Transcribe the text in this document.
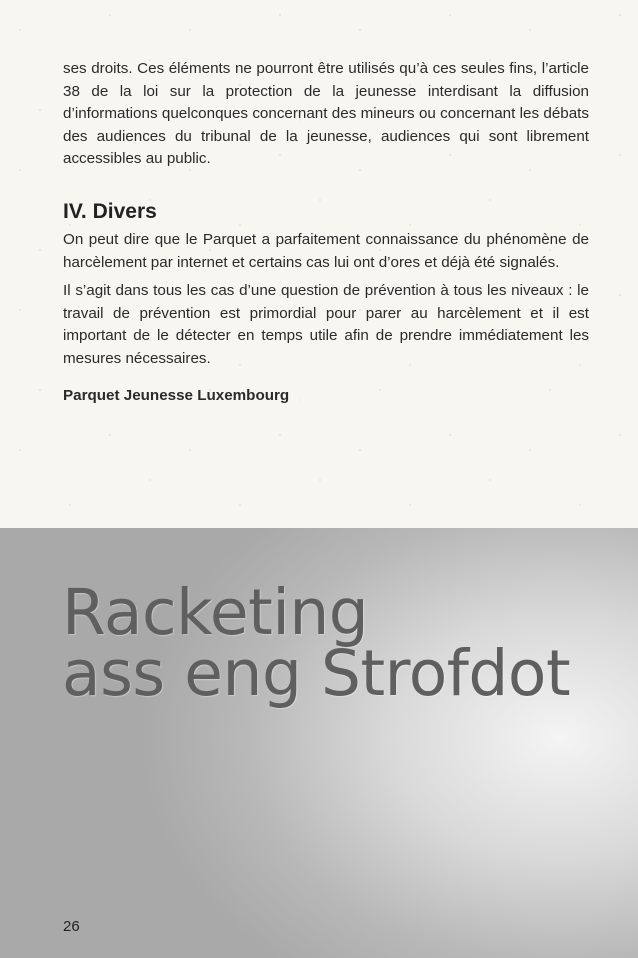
ses droits. Ces éléments ne pourront être utilisés qu’à ces seules fins, l’article 38 de la loi sur la protection de la jeunesse interdisant la diffusion d’informations quelconques concernant des mineurs ou concernant les débats des audiences du tribunal de la jeunesse, audiences qui sont librement accessibles au public.

IV. Divers

On peut dire que le Parquet a parfaitement connaissance du phénomène de harcèlement par internet et certains cas lui ont d’ores et déjà été signalés.

Il s’agit dans tous les cas d’une question de prévention à tous les niveaux : le travail de prévention est primordial pour parer au harcèlement et il est important de le détecter en temps utile afin de prendre immédiatement les mesures nécessaires.

Parquet Jeunesse Luxembourg

Racketing
ass eng Strofdot
26
